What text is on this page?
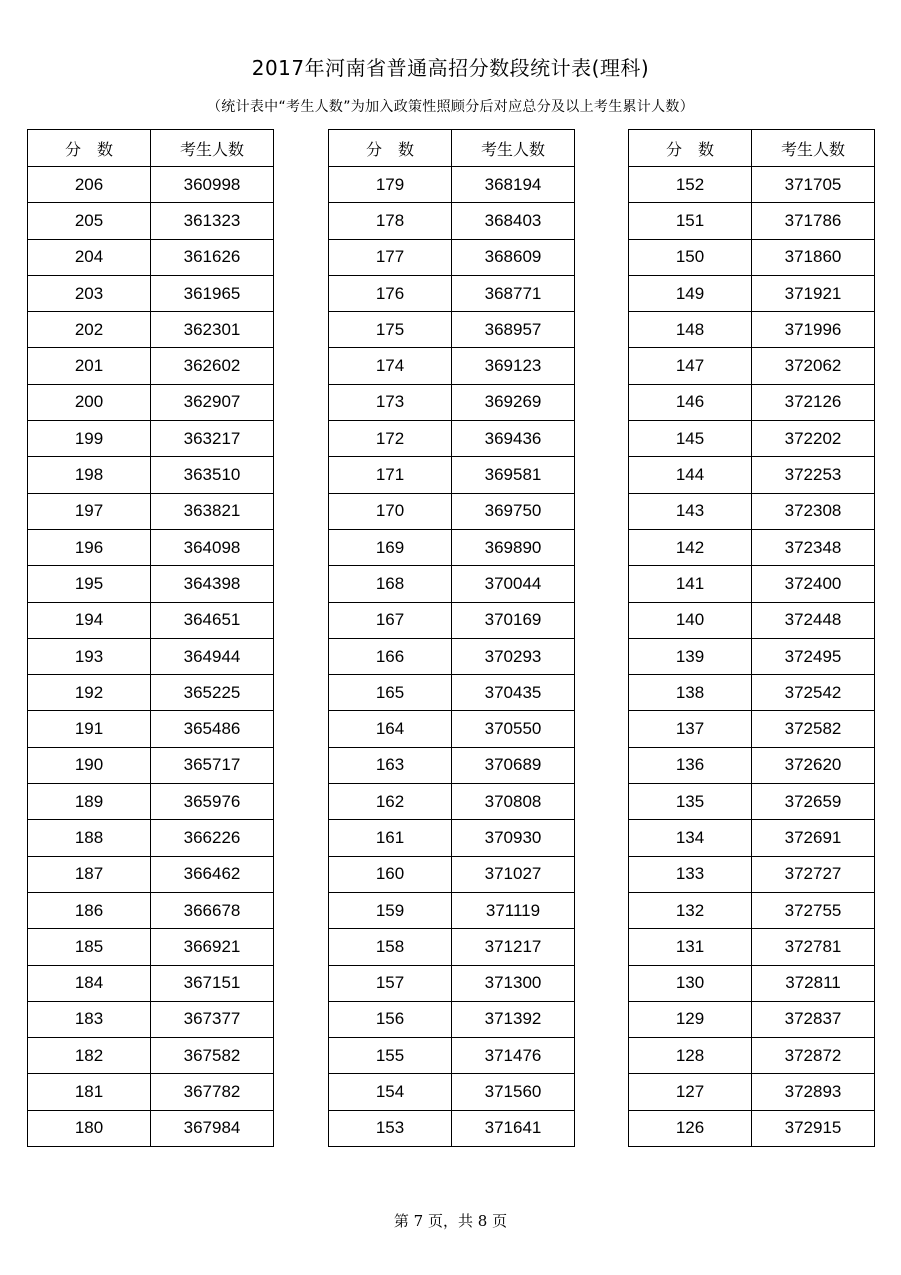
2017年河南省普通高招分数段统计表(理科)
（统计表中“考生人数”为加入政策性照顾分后对应总分及以上考生累计人数）
分　数	考生人数
206	360998
205	361323
204	361626
203	361965
202	362301
201	362602
200	362907
199	363217
198	363510
197	363821
196	364098
195	364398
194	364651
193	364944
192	365225
191	365486
190	365717
189	365976
188	366226
187	366462
186	366678
185	366921
184	367151
183	367377
182	367582
181	367782
180	367984
分　数	考生人数
179	368194
178	368403
177	368609
176	368771
175	368957
174	369123
173	369269
172	369436
171	369581
170	369750
169	369890
168	370044
167	370169
166	370293
165	370435
164	370550
163	370689
162	370808
161	370930
160	371027
159	371119
158	371217
157	371300
156	371392
155	371476
154	371560
153	371641
分　数	考生人数
152	371705
151	371786
150	371860
149	371921
148	371996
147	372062
146	372126
145	372202
144	372253
143	372308
142	372348
141	372400
140	372448
139	372495
138	372542
137	372582
136	372620
135	372659
134	372691
133	372727
132	372755
131	372781
130	372811
129	372837
128	372872
127	372893
126	372915
第 7 页，共 8 页
